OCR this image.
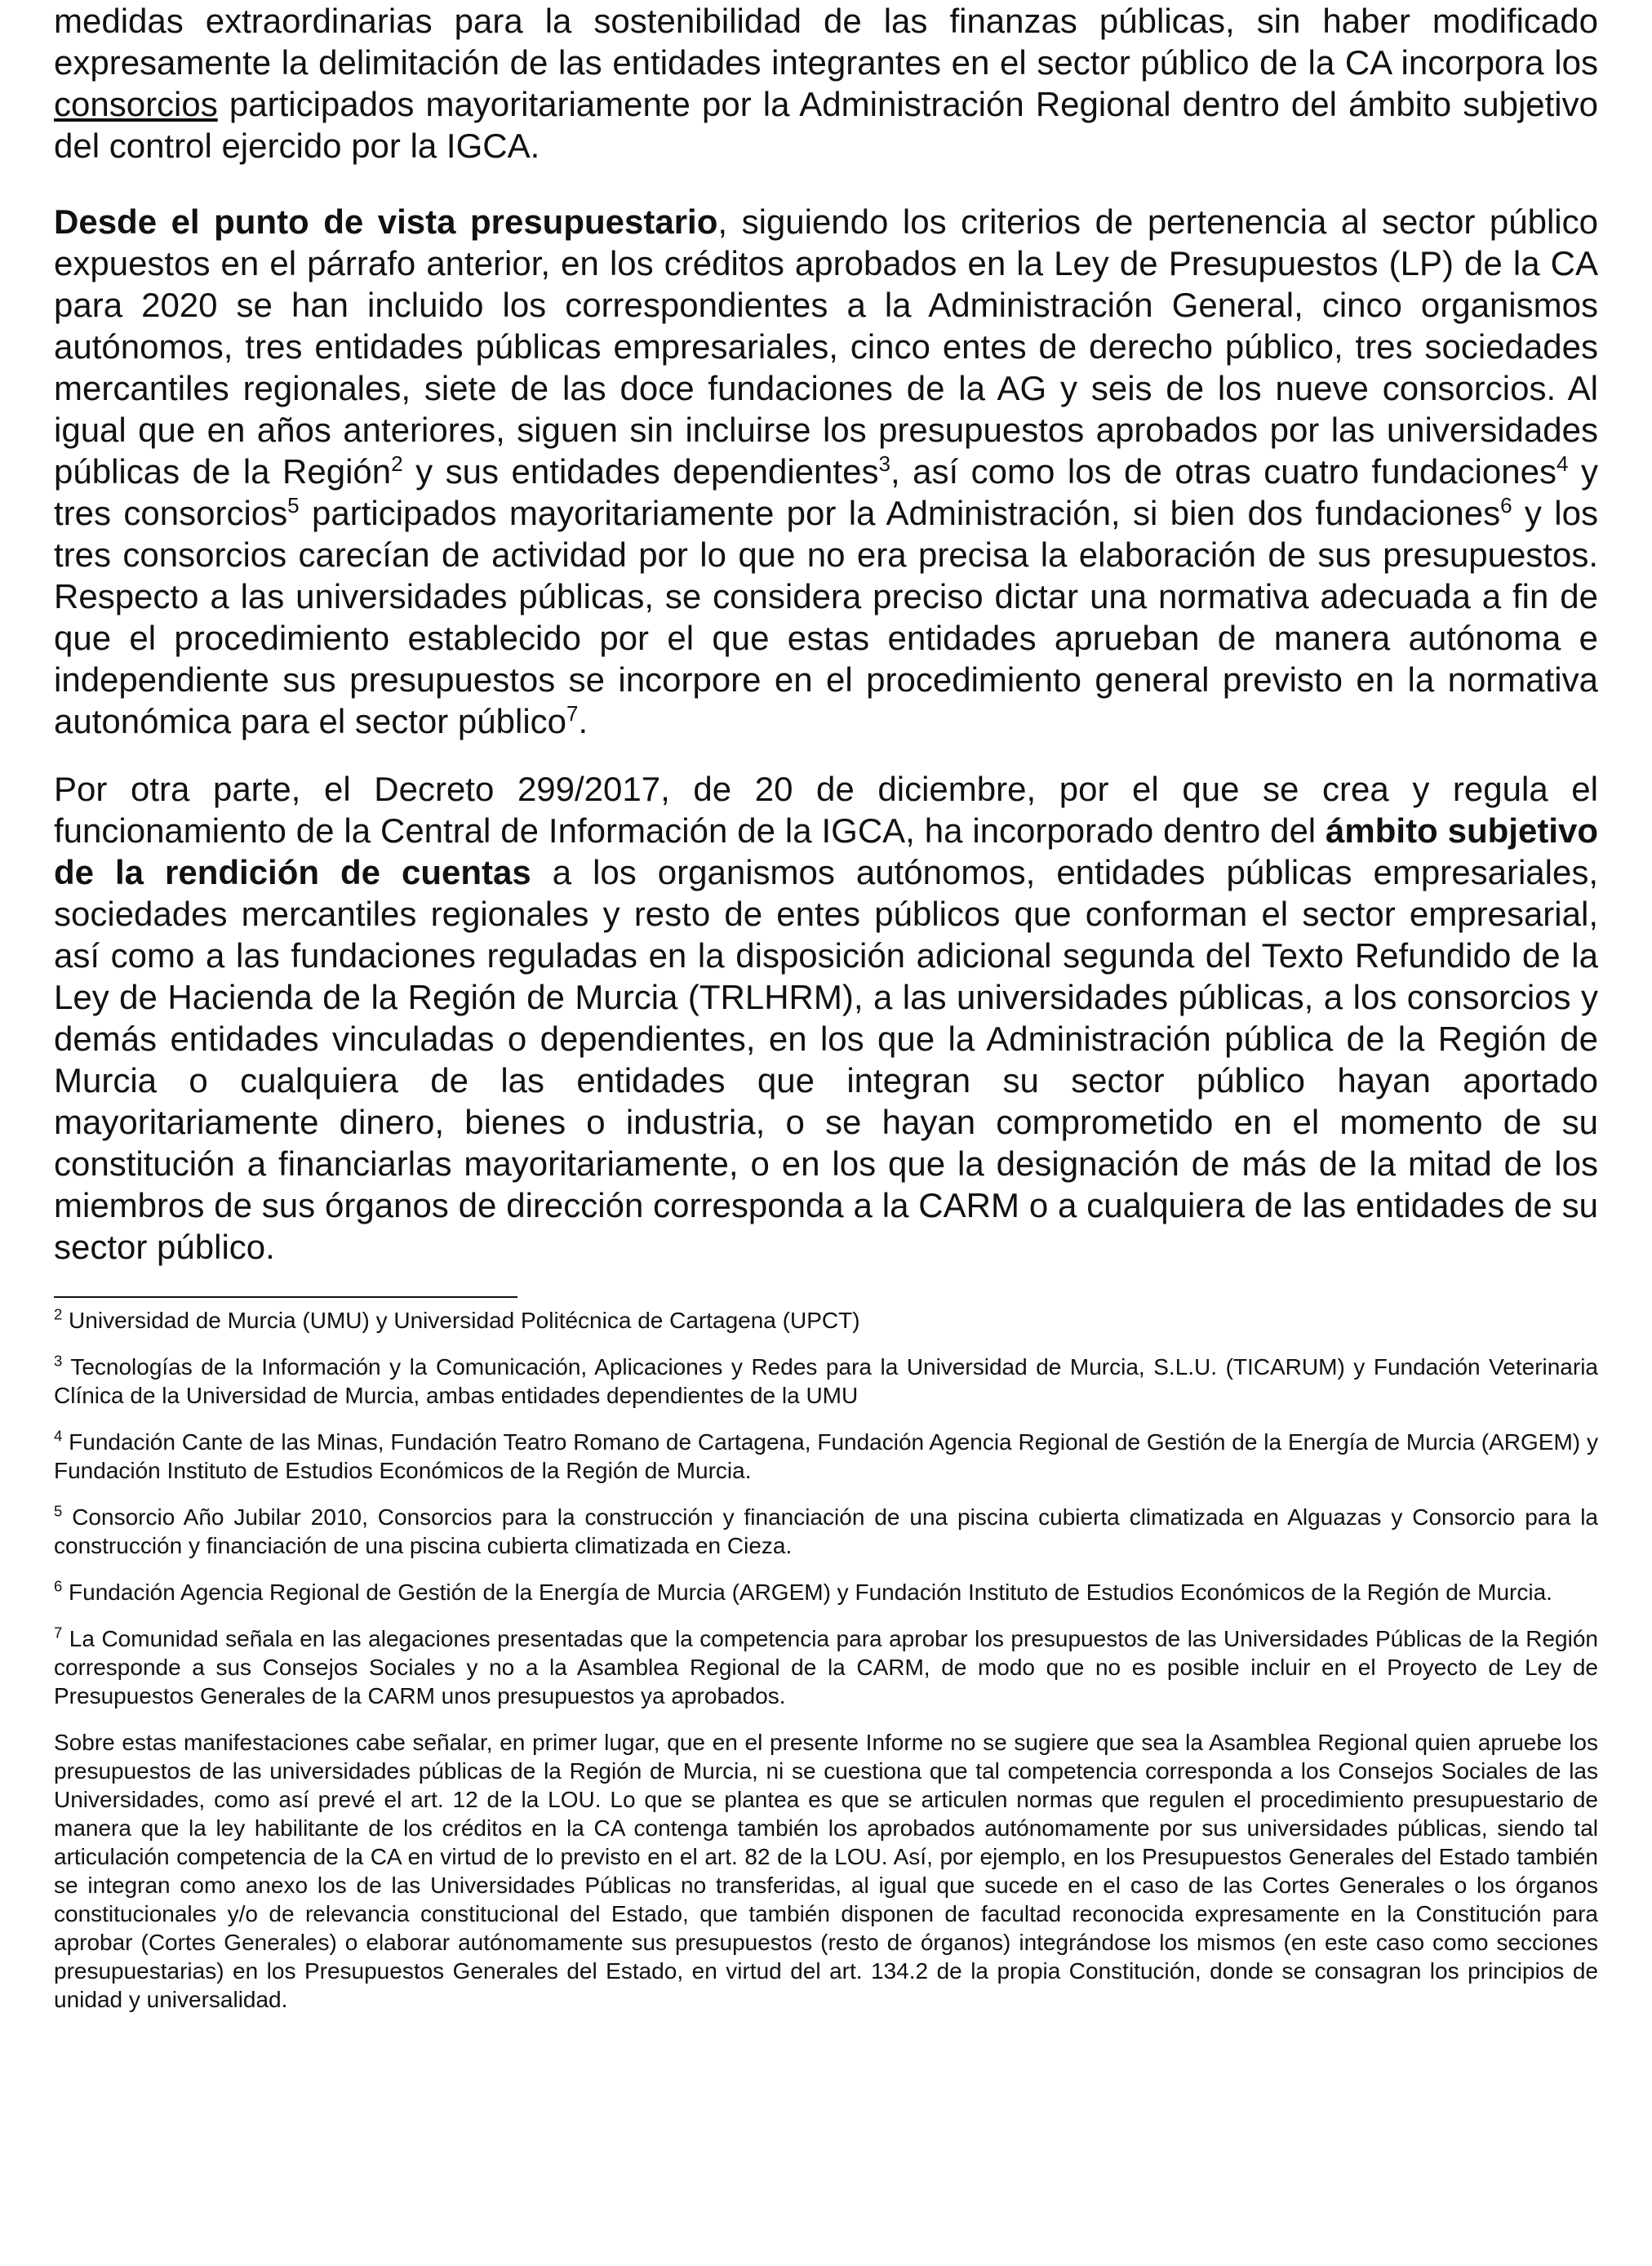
medidas extraordinarias para la sostenibilidad de las finanzas públicas, sin haber modificado expresamente la delimitación de las entidades integrantes en el sector público de la CA incorpora los consorcios participados mayoritariamente por la Administración Regional dentro del ámbito subjetivo del control ejercido por la IGCA.

Desde el punto de vista presupuestario, siguiendo los criterios de pertenencia al sector público expuestos en el párrafo anterior, en los créditos aprobados en la Ley de Presupuestos (LP) de la CA para 2020 se han incluido los correspondientes a la Administración General, cinco organismos autónomos, tres entidades públicas empresariales, cinco entes de derecho público, tres sociedades mercantiles regionales, siete de las doce fundaciones de la AG y seis de los nueve consorcios. Al igual que en años anteriores, siguen sin incluirse los presupuestos aprobados por las universidades públicas de la Región$^2$ y sus entidades dependientes$^3$, así como los de otras cuatro fundaciones$^4$ y tres consorcios$^5$ participados mayoritariamente por la Administración, si bien dos fundaciones$^6$ y los tres consorcios carecían de actividad por lo que no era precisa la elaboración de sus presupuestos. Respecto a las universidades públicas, se considera preciso dictar una normativa adecuada a fin de que el procedimiento establecido por el que estas entidades aprueban de manera autónoma e independiente sus presupuestos se incorpore en el procedimiento general previsto en la normativa autonómica para el sector público$^7$.

Por otra parte, el Decreto 299/2017, de 20 de diciembre, por el que se crea y regula el funcionamiento de la Central de Información de la IGCA, ha incorporado dentro del ámbito subjetivo de la rendición de cuentas a los organismos autónomos, entidades públicas empresariales, sociedades mercantiles regionales y resto de entes públicos que conforman el sector empresarial, así como a las fundaciones reguladas en la disposición adicional segunda del Texto Refundido de la Ley de Hacienda de la Región de Murcia (TRLHRM), a las universidades públicas, a los consorcios y demás entidades vinculadas o dependientes, en los que la Administración pública de la Región de Murcia o cualquiera de las entidades que integran su sector público hayan aportado mayoritariamente dinero, bienes o industria, o se hayan comprometido en el momento de su constitución a financiarlas mayoritariamente, o en los que la designación de más de la mitad de los miembros de sus órganos de dirección corresponda a la CARM o a cualquiera de las entidades de su sector público.

$^2$ Universidad de Murcia (UMU) y Universidad Politécnica de Cartagena (UPCT)

$^3$ Tecnologías de la Información y la Comunicación, Aplicaciones y Redes para la Universidad de Murcia, S.L.U. (TICARUM) y Fundación Veterinaria Clínica de la Universidad de Murcia, ambas entidades dependientes de la UMU

$^4$ Fundación Cante de las Minas, Fundación Teatro Romano de Cartagena, Fundación Agencia Regional de Gestión de la Energía de Murcia (ARGEM) y Fundación Instituto de Estudios Económicos de la Región de Murcia.

$^5$ Consorcio Año Jubilar 2010, Consorcios para la construcción y financiación de una piscina cubierta climatizada en Alguazas y Consorcio para la construcción y financiación de una piscina cubierta climatizada en Cieza.

$^6$ Fundación Agencia Regional de Gestión de la Energía de Murcia (ARGEM) y Fundación Instituto de Estudios Económicos de la Región de Murcia.

$^7$ La Comunidad señala en las alegaciones presentadas que la competencia para aprobar los presupuestos de las Universidades Públicas de la Región corresponde a sus Consejos Sociales y no a la Asamblea Regional de la CARM, de modo que no es posible incluir en el Proyecto de Ley de Presupuestos Generales de la CARM unos presupuestos ya aprobados.

Sobre estas manifestaciones cabe señalar, en primer lugar, que en el presente Informe no se sugiere que sea la Asamblea Regional quien apruebe los presupuestos de las universidades públicas de la Región de Murcia, ni se cuestiona que tal competencia corresponda a los Consejos Sociales de las Universidades, como así prevé el art. 12 de la LOU. Lo que se plantea es que se articulen normas que regulen el procedimiento presupuestario de manera que la ley habilitante de los créditos en la CA contenga también los aprobados autónomamente por sus universidades públicas, siendo tal articulación competencia de la CA en virtud de lo previsto en el art. 82 de la LOU. Así, por ejemplo, en los Presupuestos Generales del Estado también se integran como anexo los de las Universidades Públicas no transferidas, al igual que sucede en el caso de las Cortes Generales o los órganos constitucionales y/o de relevancia constitucional del Estado, que también disponen de facultad reconocida expresamente en la Constitución para aprobar (Cortes Generales) o elaborar autónomamente sus presupuestos (resto de órganos) integrándose los mismos (en este caso como secciones presupuestarias) en los Presupuestos Generales del Estado, en virtud del art. 134.2 de la propia Constitución, donde se consagran los principios de unidad y universalidad.
